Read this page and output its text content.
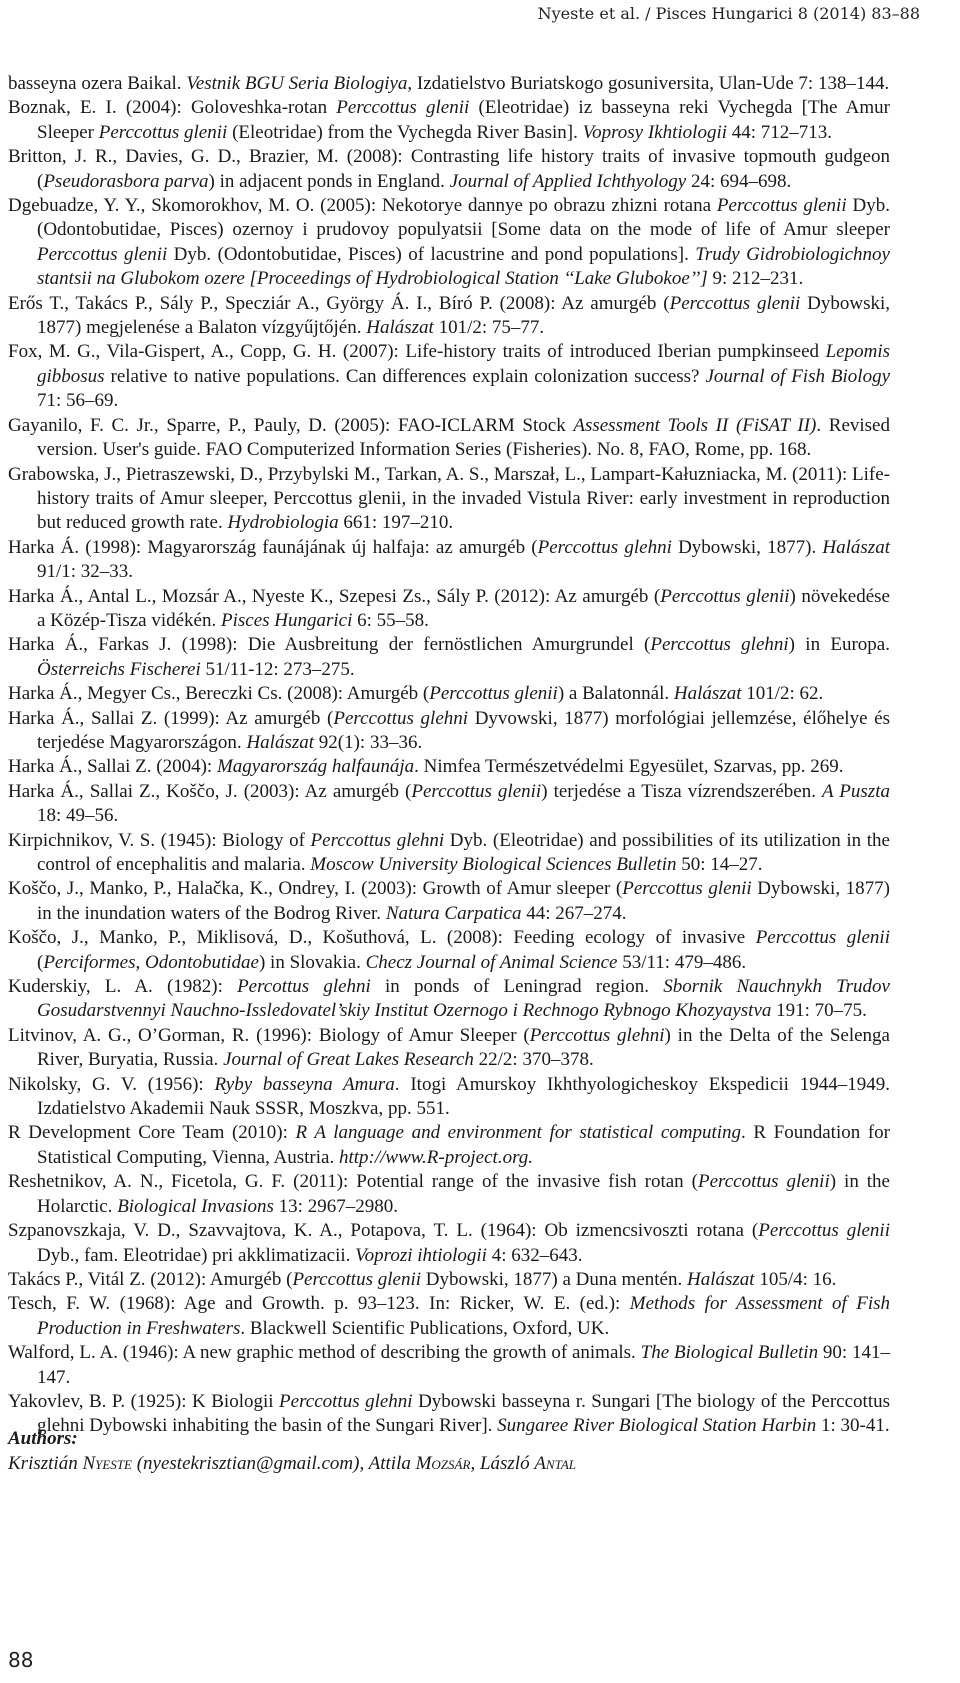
Nyeste et al. / Pisces Hungarici 8 (2014) 83–88

basseyna ozera Baikal. Vestnik BGU Seria Biologiya, Izdatielstvo Buriatskogo gosuniversita, Ulan-Ude 7: 138–144.

Boznak, E. I. (2004): Goloveshka-rotan Perccottus glenii (Eleotridae) iz basseyna reki Vychegda [The Amur Sleeper Perccottus glenii (Eleotridae) from the Vychegda River Basin]. Voprosy Ikhtiologii 44: 712–713.

Britton, J. R., Davies, G. D., Brazier, M. (2008): Contrasting life history traits of invasive topmouth gudgeon (Pseudorasbora parva) in adjacent ponds in England. Journal of Applied Ichthyology 24: 694–698.

Dgebuadze, Y. Y., Skomorokhov, M. O. (2005): Nekotorye dannye po obrazu zhizni rotana Perccottus glenii Dyb. (Odontobutidae, Pisces) ozernoy i prudovoy populyatsii [Some data on the mode of life of Amur sleeper Perccottus glenii Dyb. (Odontobutidae, Pisces) of lacustrine and pond populations]. Trudy Gidrobiologichnoy stantsii na Glubokom ozere [Proceedings of Hydrobiological Station ‘‘Lake Glubokoe’’] 9: 212–231.

Erős T., Takács P., Sály P., Specziár A., György Á. I., Bíró P. (2008): Az amurgéb (Perccottus glenii Dybowski, 1877) megjelenése a Balaton vízgyűjtőjén. Halászat 101/2: 75–77.

Fox, M. G., Vila-Gispert, A., Copp, G. H. (2007): Life-history traits of introduced Iberian pumpkinseed Lepomis gibbosus relative to native populations. Can differences explain colonization success? Journal of Fish Biology 71: 56–69.

Gayanilo, F. C. Jr., Sparre, P., Pauly, D. (2005): FAO-ICLARM Stock Assessment Tools II (FiSAT II). Revised version. User's guide. FAO Computerized Information Series (Fisheries). No. 8, FAO, Rome, pp. 168.

Grabowska, J., Pietraszewski, D., Przybylski M., Tarkan, A. S., Marszał, L., Lampart-Kałuzniacka, M. (2011): Life-history traits of Amur sleeper, Perccottus glenii, in the invaded Vistula River: early investment in reproduction but reduced growth rate. Hydrobiologia 661: 197–210.

Harka Á. (1998): Magyarország faunájának új halfaja: az amurgéb (Perccottus glehni Dybowski, 1877). Halászat 91/1: 32–33.

Harka Á., Antal L., Mozsár A., Nyeste K., Szepesi Zs., Sály P. (2012): Az amurgéb (Perccottus glenii) növekedése a Közép-Tisza vidékén. Pisces Hungarici 6: 55–58.

Harka Á., Farkas J. (1998): Die Ausbreitung der fernöstlichen Amurgrundel (Perccottus glehni) in Europa. Österreichs Fischerei 51/11-12: 273–275.

Harka Á., Megyer Cs., Bereczki Cs. (2008): Amurgéb (Perccottus glenii) a Balatonnál. Halászat 101/2: 62.

Harka Á., Sallai Z. (1999): Az amurgéb (Perccottus glehni Dyvowski, 1877) morfológiai jellemzése, élőhelye és terjedése Magyarországon. Halászat 92(1): 33–36.

Harka Á., Sallai Z. (2004): Magyarország halfaunája. Nimfea Természetvédelmi Egyesület, Szarvas, pp. 269.

Harka Á., Sallai Z., Koščo, J. (2003): Az amurgéb (Perccottus glenii) terjedése a Tisza vízrendszerében. A Puszta 18: 49–56.

Kirpichnikov, V. S. (1945): Biology of Perccottus glehni Dyb. (Eleotridae) and possibilities of its utilization in the control of encephalitis and malaria. Moscow University Biological Sciences Bulletin 50: 14–27.

Koščo, J., Manko, P., Halačka, K., Ondrey, I. (2003): Growth of Amur sleeper (Perccottus glenii Dybowski, 1877) in the inundation waters of the Bodrog River. Natura Carpatica 44: 267–274.

Koščo, J., Manko, P., Miklisová, D., Košuthová, L. (2008): Feeding ecology of invasive Perccottus glenii (Perciformes, Odontobutidae) in Slovakia. Checz Journal of Animal Science 53/11: 479–486.

Kuderskiy, L. A. (1982): Percottus glehni in ponds of Leningrad region. Sbornik Nauchnykh Trudov Gosudarstvennyi Nauchno-Issledovatel’skiy Institut Ozernogo i Rechnogo Rybnogo Khozyaystva 191: 70–75.

Litvinov, A. G., O’Gorman, R. (1996): Biology of Amur Sleeper (Perccottus glehni) in the Delta of the Selenga River, Buryatia, Russia. Journal of Great Lakes Research 22/2: 370–378.

Nikolsky, G. V. (1956): Ryby basseyna Amura. Itogi Amurskoy Ikhthyologicheskoy Ekspedicii 1944–1949. Izdatielstvo Akademii Nauk SSSR, Moszkva, pp. 551.

R Development Core Team (2010): R A language and environment for statistical computing. R Foundation for Statistical Computing, Vienna, Austria. http://www.R-project.org.

Reshetnikov, A. N., Ficetola, G. F. (2011): Potential range of the invasive fish rotan (Perccottus glenii) in the Holarctic. Biological Invasions 13: 2967–2980.

Szpanovszkaja, V. D., Szavvajtova, K. A., Potapova, T. L. (1964): Ob izmencsivoszti rotana (Perccottus glenii Dyb., fam. Eleotridae) pri akklimatizacii. Voprozi ihtiologii 4: 632–643.

Takács P., Vitál Z. (2012): Amurgéb (Perccottus glenii Dybowski, 1877) a Duna mentén. Halászat 105/4: 16.

Tesch, F. W. (1968): Age and Growth. p. 93–123. In: Ricker, W. E. (ed.): Methods for Assessment of Fish Production in Freshwaters. Blackwell Scientific Publications, Oxford, UK.

Walford, L. A. (1946): A new graphic method of describing the growth of animals. The Biological Bulletin 90: 141–147.

Yakovlev, B. P. (1925): K Biologii Perccottus glehni Dybowski basseyna r. Sungari [The biology of the Perccottus glehni Dybowski inhabiting the basin of the Sungari River]. Sungaree River Biological Station Harbin 1: 30-41.

Authors:
Krisztián Nyeste (nyestekrisztian@gmail.com), Attila Mozsár, László Antal
88
